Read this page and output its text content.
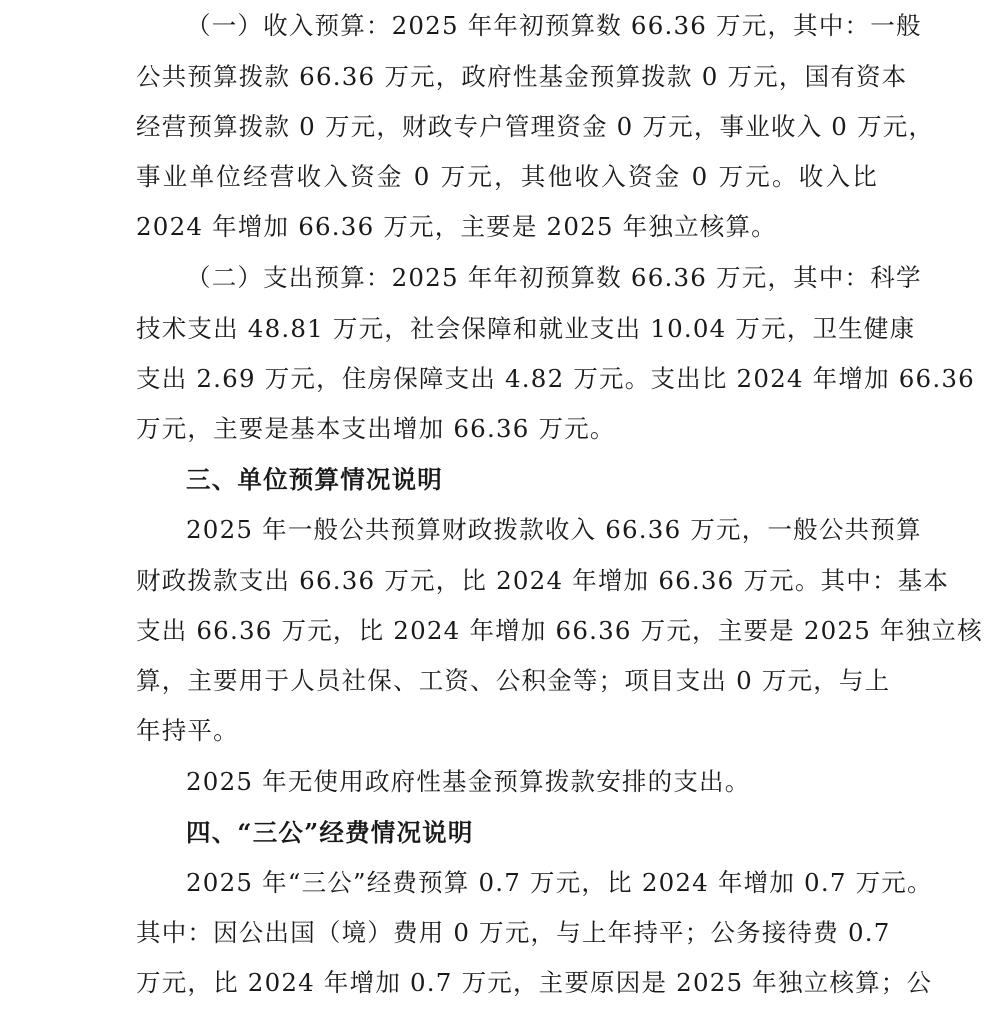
（一）收入预算：2025 年年初预算数 66.36 万元，其中：一般
公共预算拨款 66.36 万元，政府性基金预算拨款 0 万元，国有资本
经营预算拨款 0 万元，财政专户管理资金 0 万元，事业收入 0 万元，
事业单位经营收入资金 0 万元，其他收入资金 0 万元。收入比
2024 年增加 66.36 万元，主要是 2025 年独立核算。
（二）支出预算：2025 年年初预算数 66.36 万元，其中：科学
技术支出 48.81 万元，社会保障和就业支出 10.04 万元，卫生健康
支出 2.69 万元，住房保障支出 4.82 万元。支出比 2024 年增加 66.36
万元，主要是基本支出增加 66.36 万元。
三、单位预算情况说明
2025 年一般公共预算财政拨款收入 66.36 万元，一般公共预算
财政拨款支出 66.36 万元，比 2024 年增加 66.36 万元。其中：基本
支出 66.36 万元，比 2024 年增加 66.36 万元，主要是 2025 年独立核
算，主要用于人员社保、工资、公积金等；项目支出 0 万元，与上
年持平。
2025 年无使用政府性基金预算拨款安排的支出。
四、“三公”经费情况说明
2025 年“三公”经费预算 0.7 万元，比 2024 年增加 0.7 万元。
其中：因公出国（境）费用 0 万元，与上年持平；公务接待费 0.7
万元，比 2024 年增加 0.7 万元，主要原因是 2025 年独立核算；公
